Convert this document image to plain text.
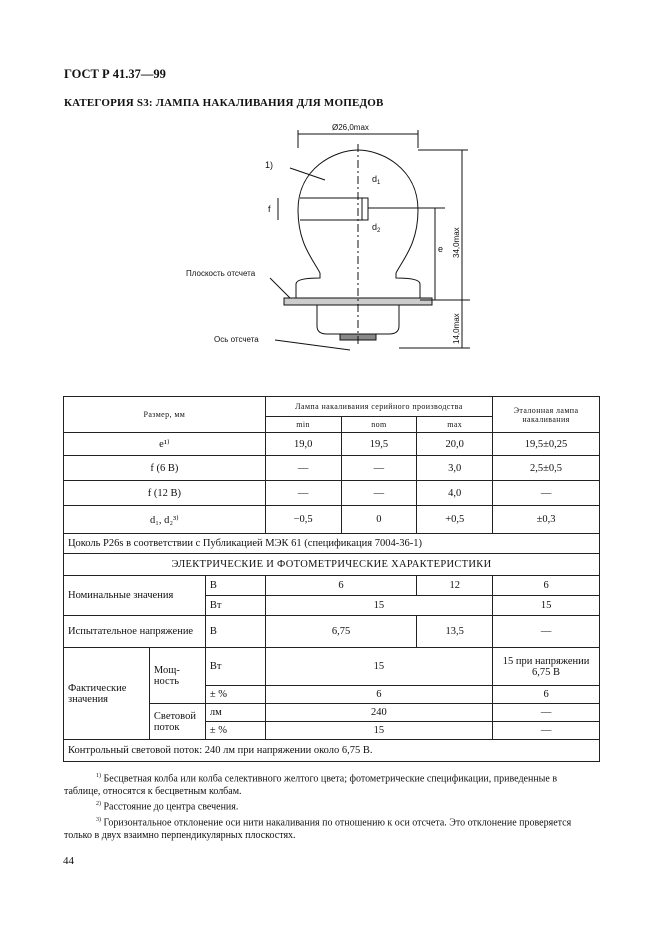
ГОСТ Р 41.37—99
КАТЕГОРИЯ S3: ЛАМПА НАКАЛИВАНИЯ ДЛЯ МОПЕДОВ
Ø26,0max
1)
$d_1$
$d_2$
f
e 34,0max
14,0max
Плоскость отсчета
Ось отсчета
Размер, мм			Лампа накаливания серийного производства			Эталонная лампа накаливания
			min	nom	max	
e¹⁾			19,0	19,5	20,0	19,5±0,25
f (6 В)			—	—	3,0	2,5±0,5
f (12 В)			—	—	4,0	—
d₁, d₂³⁾			−0,5	0	+0,5	±0,3
Цоколь Р26s в соответствии с Публикацией МЭК 61 (спецификация 7004-36-1)						
ЭЛЕКТРИЧЕСКИЕ И ФОТОМЕТРИЧЕСКИЕ ХАРАКТЕРИСТИКИ						
Номинальные значения		В	6		12	6
		Вт	15			15
Испытательное напряжение		В	6,75		13,5	—
Фактические значения	Мощ-ность	Вт	15			15 при напряжении 6,75 В
		± %	6			6
	Световой поток	лм	240			—
		± %	15			—
Контрольный световой поток: 240 лм при напряжении около 6,75 В.						

$^{1)}$ Бесцветная колба или колба селективного желтого цвета; фотометрические спецификации, приведенные в таблице, относятся к бесцветным колбам.

$^{2)}$ Расстояние до центра свечения.

$^{3)}$ Горизонтальное отклонение оси нити накаливания по отношению к оси отсчета. Это отклонение проверяется только в двух взаимно перпендикулярных плоскостях.

44
